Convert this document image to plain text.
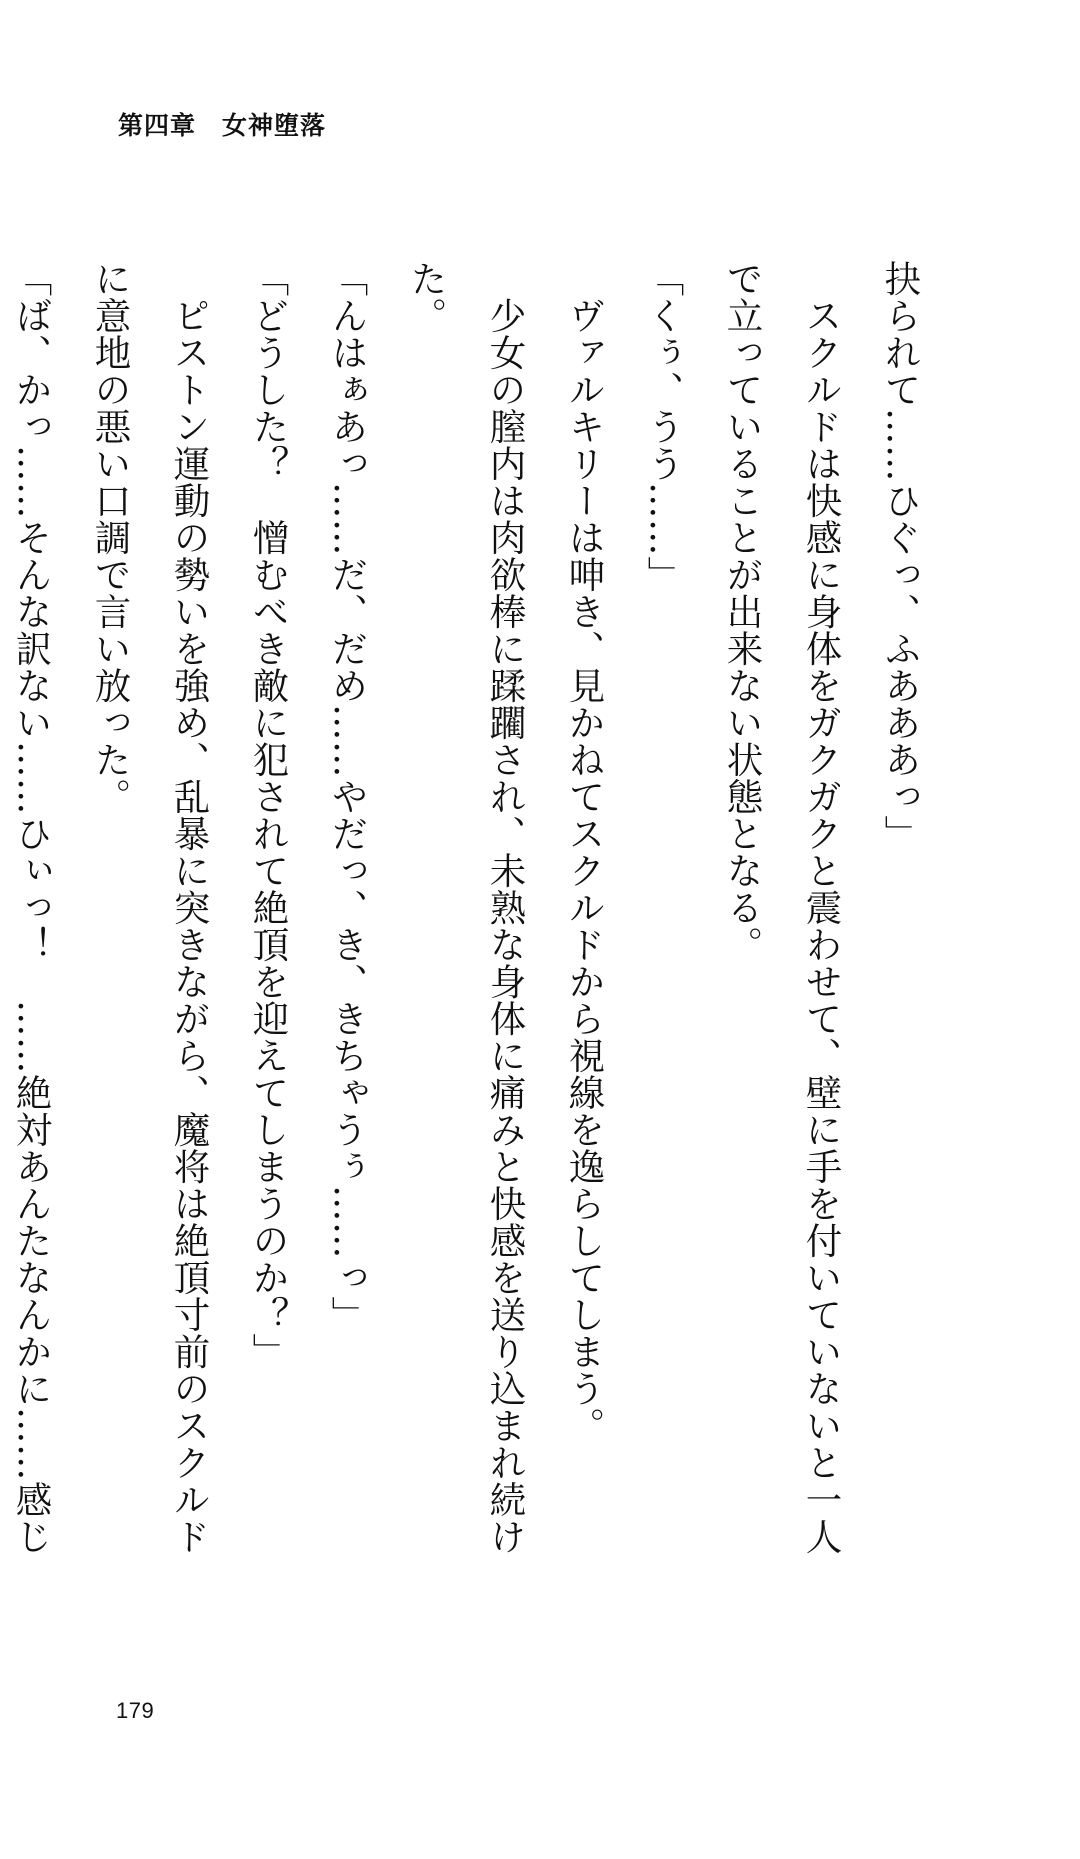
第四章　女神堕落

抉られて……ひぐっ、ふあああっ」

　スクルドは快感に身体をガクガクと震わせて、壁に手を付いていないと一人で立っていることが出来ない状態となる。

「くぅ、うう……」

　ヴァルキリーは呻き、見かねてスクルドから視線を逸らしてしまう。

　少女の膣内は肉欲棒に蹂躙され、未熟な身体に痛みと快感を送り込まれ続けた。

「んはぁあっ……だ、だめ……やだっ、き、きちゃうぅ……っ」

「どうした？　憎むべき敵に犯されて絶頂を迎えてしまうのか？」

　ピストン運動の勢いを強め、乱暴に突きながら、魔将は絶頂寸前のスクルドに意地の悪い口調で言い放った。

「ば、かっ……そんな訳ない……ひぃっ！　……絶対あんたなんかに……感じ

179
